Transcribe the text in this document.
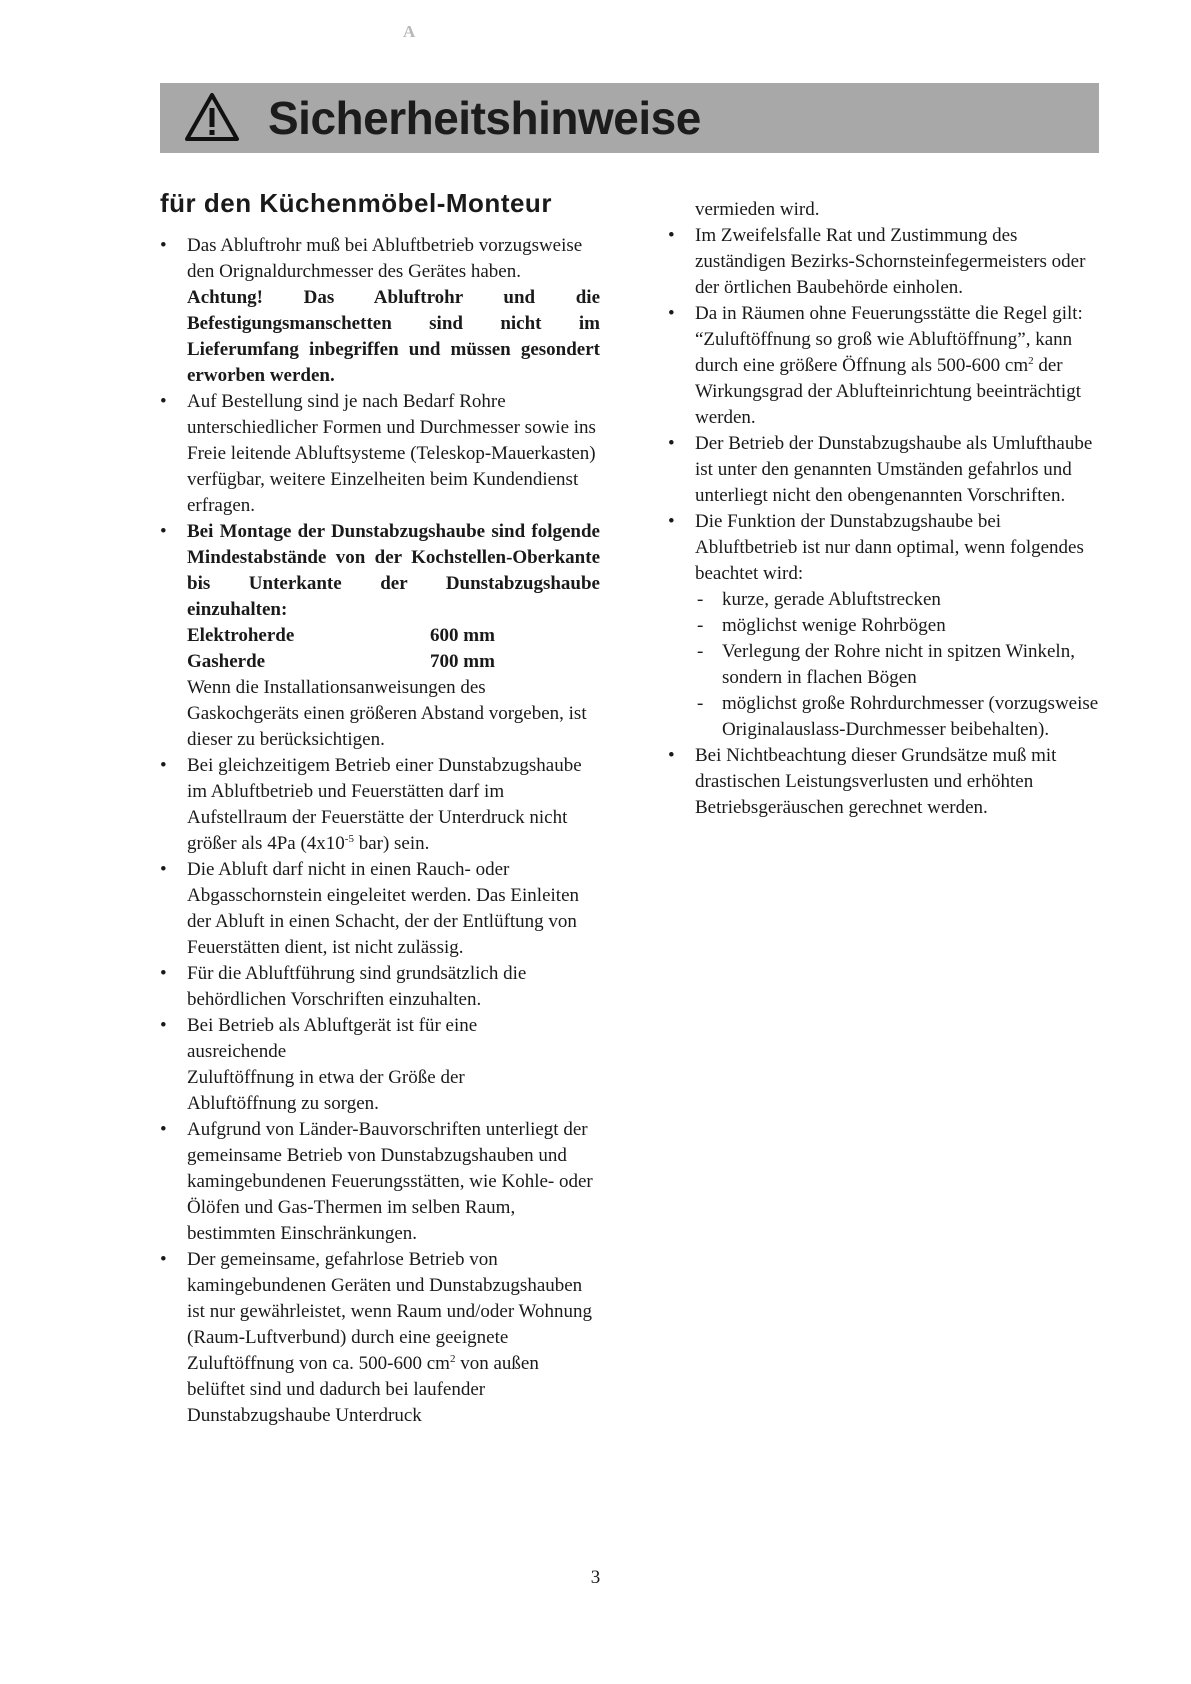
A
Sicherheitshinweise
für den Küchenmöbel-Monteur
• Das Abluftrohr muß bei Abluftbetrieb vorzugsweise den Orignaldurchmesser des Gerätes haben.
Achtung! Das Abluftrohr und die Befestigungsmanschetten sind nicht im Lieferumfang inbegriffen und müssen gesondert erworben werden.
• Auf Bestellung sind je nach Bedarf Rohre unterschiedlicher Formen und Durchmesser sowie ins Freie leitende Abluftsysteme (Teleskop-Mauerkasten) verfügbar, weitere Einzelheiten beim Kundendienst erfragen.
• Bei Montage der Dunstabzugshaube sind folgende Mindestabstände von der Kochstellen-Oberkante bis Unterkante der Dunstabzugshaube einzuhalten:
Elektroherde	600 mm
Gasherde	700 mm
Wenn die Installationsanweisungen des Gaskochgeräts einen größeren Abstand vorgeben, ist dieser zu berücksichtigen.
• Bei gleichzeitigem Betrieb einer Dunstabzugshaube im Abluftbetrieb und Feuerstätten darf im Aufstellraum der Feuerstätte der Unterdruck nicht größer als 4Pa ($4x10^{-5}$ bar) sein.
• Die Abluft darf nicht in einen Rauch- oder Abgasschornstein eingeleitet werden. Das Einleiten der Abluft in einen Schacht, der der Entlüftung von Feuerstätten dient, ist nicht zulässig.
• Für die Abluftführung sind grundsätzlich die behördlichen Vorschriften einzuhalten.
• Bei Betrieb als Abluftgerät ist für eine
ausreichende
Zuluftöffnung in etwa der Größe der
Abluftöffnung zu sorgen.
• Aufgrund von Länder-Bauvorschriften unterliegt der gemeinsame Betrieb von Dunstabzugshauben und kamingebundenen Feuerungsstätten, wie Kohle- oder Ölöfen und Gas-Thermen im selben Raum, bestimmten Einschränkungen.
• Der gemeinsame, gefahrlose Betrieb von kamingebundenen Geräten und Dunstabzugshauben ist nur gewährleistet, wenn Raum und/oder Wohnung (Raum-Luftverbund) durch eine geeignete Zuluftöffnung von ca. 500-600 $cm^2$ von außen belüftet sind und dadurch bei laufender Dunstabzugshaube Unterdruck
vermieden wird.
• Im Zweifelsfalle Rat und Zustimmung des zuständigen Bezirks-Schornsteinfegermeisters oder der örtlichen Baubehörde einholen.
• Da in Räumen ohne Feuerungsstätte die Regel gilt: “Zuluftöffnung so groß wie Abluftöffnung”, kann durch eine größere Öffnung als 500-600 $cm^2$ der Wirkungsgrad der Ablufteinrichtung beeinträchtigt werden.
• Der Betrieb der Dunstabzugshaube als Umlufthaube ist unter den genannten Umständen gefahrlos und unterliegt nicht den obengenannten Vorschriften.
• Die Funktion der Dunstabzugshaube bei Abluftbetrieb ist nur dann optimal, wenn folgendes beachtet wird:
- kurze, gerade Abluftstrecken
- möglichst wenige Rohrbögen
- Verlegung der Rohre nicht in spitzen Winkeln, sondern in flachen Bögen
- möglichst große Rohrdurchmesser (vorzugsweise Originalauslass-Durchmesser beibehalten).
• Bei Nichtbeachtung dieser Grundsätze muß mit drastischen Leistungsverlusten und erhöhten Betriebsgeräuschen gerechnet werden.
3
